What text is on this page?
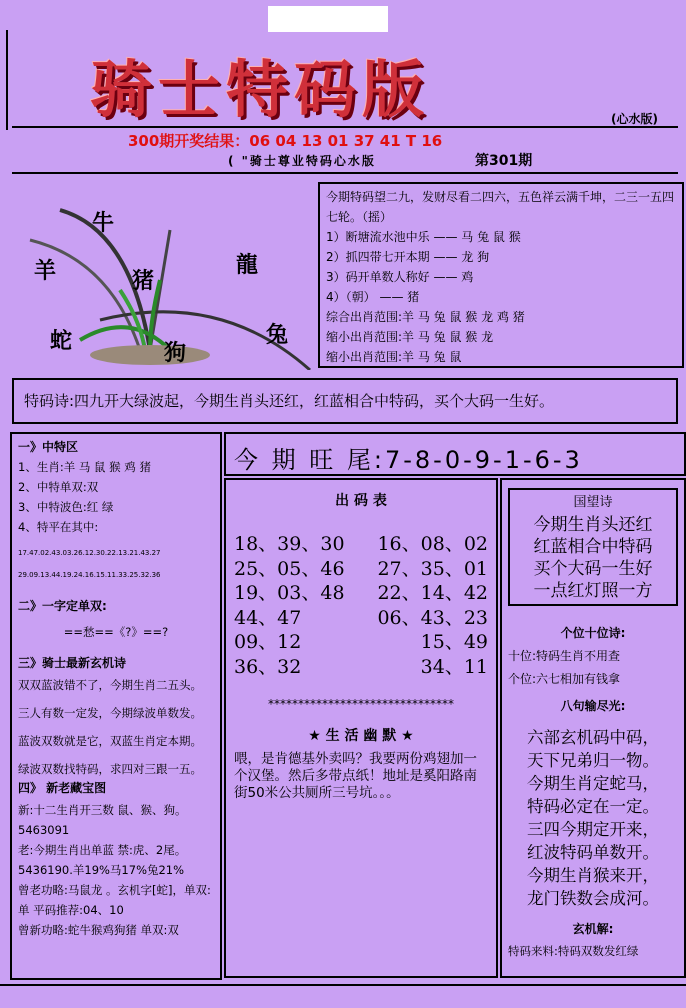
骑士特码版	(心水版)
300期开奖结果：06 04 13 01 37 41 T 16
( "骑士尊业特码心水版	第301期
牛
羊	猪
龍
蛇	狗
兔
今期特码望二九，发财尽看二四六，五色祥云满千坤，二三一五四七轮。（摇）
1）断塘流水池中乐 —— 马 兔 鼠 猴
2）抓四带七开本期 —— 龙 狗
3）码开单数人称好 —— 鸡
4）（朝） —— 猪
综合出肖范围:羊 马 兔 鼠 猴 龙 鸡 猪
缩小出肖范围:羊 马 兔 鼠 猴 龙
缩小出肖范围:羊 马 兔 鼠
特码诗:四九开大绿波起，今期生肖头还红，红蓝相合中特码，买个大码一生好。

一》中特区

1、生肖:羊 马 鼠 猴 鸡 猪

2、中特单双:双

3、中特波色:红 绿

4、特平在其中:

17.47.02.43.03.26.12.30.22.13.21.43.27

29.09.13.44.19.24.16.15.11.33.25.32.36

二》一字定单双:

==愁==《?》==?

三》骑士最新玄机诗

双双蓝波错不了，今期生肖二五头。

三人有数一定发，今期绿波单数发。

蓝波双数就是它，双蓝生肖定本期。

绿波双数找特码，求四对三跟一五。

四》 新老藏宝图

新:十二生肖开三数 鼠、猴、狗。5463091

老:今期生肖出单蓝 禁:虎、2尾。5436190.羊19%马17%兔21%

曾老功略:马鼠龙 。玄机字[蛇]，单双:单 平码推荐:04、10

曾新功略:蛇牛猴鸡狗猪 单双:双

今 期 旺 尾:7-8-0-9-1-6-3
出 码 表
18、39、30 16、08、02
25、05、46 27、35、01
19、03、48 22、14、42
44、47	06、43、23
09、12	15、49
36、32	34、11
*******************************
★ 生 活 幽 默 ★
喂，是肯德基外卖吗？我要两份鸡翅加一个汉堡。然后多带点纸！地址是奚阳路南街50米公共厕所三号坑。。。
国望诗
今期生肖头还红
红蓝相合中特码
买个大码一生好
一点红灯照一方
个位十位诗:
十位:特码生肖不用查
个位:六七相加有钱拿
八句输尽光:
六部玄机码中码，
天下兄弟归一物。
今期生肖定蛇马，
特码必定在一定。
三四今期定开来，
红波特码单数开。
今期生肖猴来开，
龙门铁数会成河。
玄机解:
特码来料:特码双数发红绿
